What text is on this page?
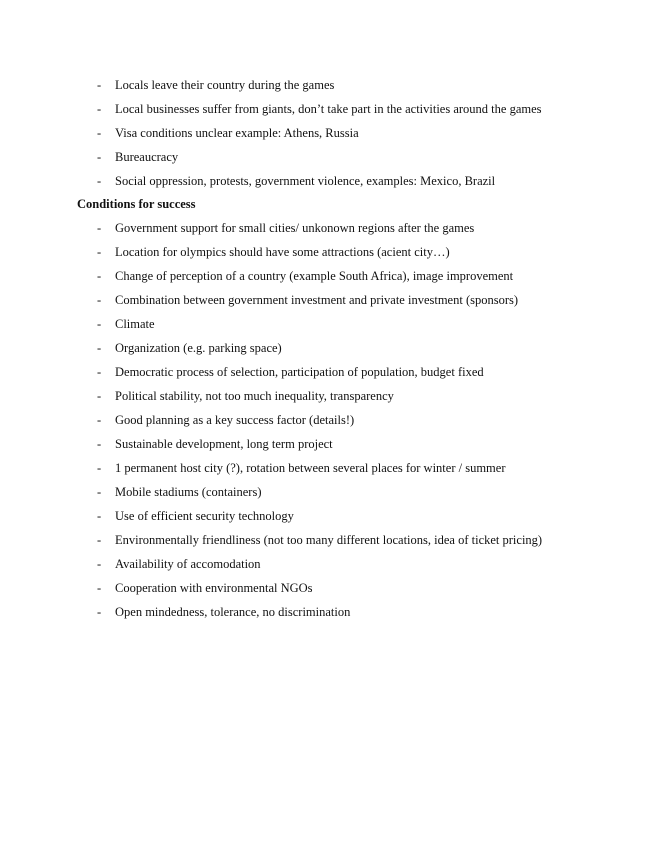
- Locals leave their country during the games
- Local businesses suffer from giants, don’t take part in the activities around the games
- Visa conditions unclear example: Athens, Russia
- Bureaucracy
- Social oppression, protests, government violence, examples: Mexico, Brazil
Conditions for success
- Government support for small cities/ unkonown regions after the games
- Location for olympics should have some attractions (acient city…)
- Change of perception of a country (example South Africa), image improvement
- Combination between government investment and private investment (sponsors)
- Climate
- Organization (e.g. parking space)
- Democratic process of selection, participation of population, budget fixed
- Political stability, not too much inequality, transparency
- Good planning as a key success factor (details!)
- Sustainable development, long term project
- 1 permanent host city (?), rotation between several places for winter / summer
- Mobile stadiums (containers)
- Use of efficient security technology
- Environmentally friendliness (not too many different locations, idea of ticket pricing)
- Availability of accomodation
- Cooperation with environmental NGOs
- Open mindedness, tolerance, no discrimination
